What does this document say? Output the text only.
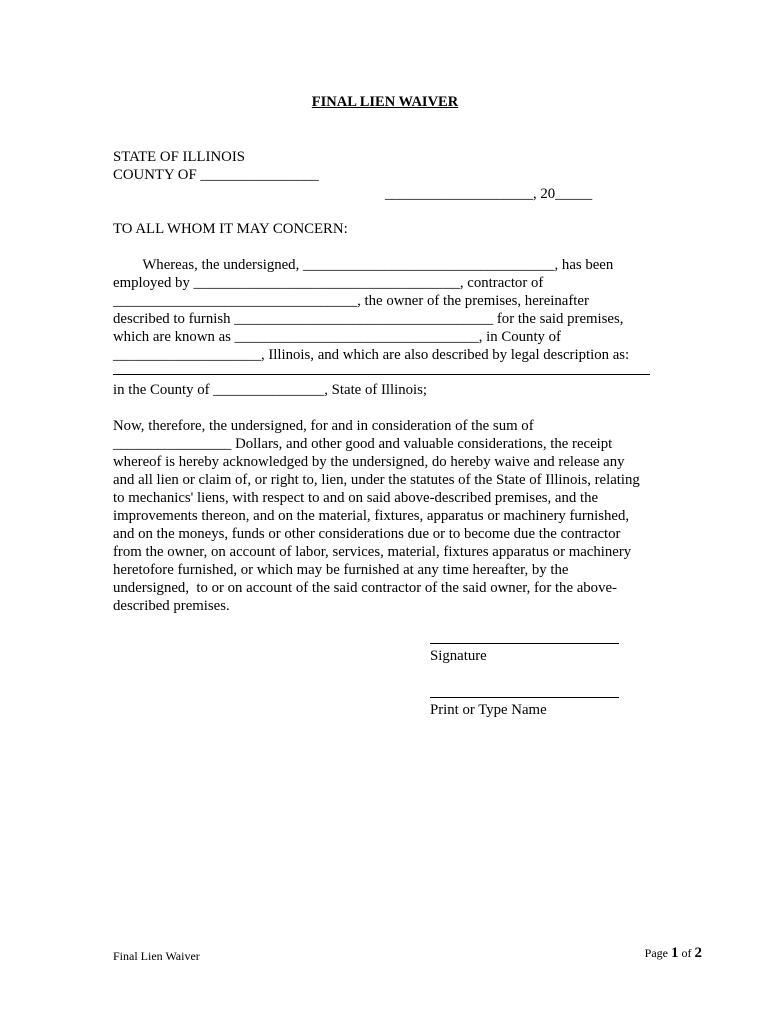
FINAL LIEN WAIVER
STATE OF ILLINOIS
COUNTY OF ________________
____________________, 20_____
TO ALL WHOM IT MAY CONCERN:
Whereas, the undersigned, __________________________________, has been
employed by ____________________________________, contractor of
_________________________________, the owner of the premises, hereinafter
described to furnish ___________________________________ for the said premises,
which are known as _________________________________, in County of
____________________, Illinois, and which are also described by legal description as:
in the County of _______________, State of Illinois;
Now, therefore, the undersigned, for and in consideration of the sum of
________________ Dollars, and other good and valuable considerations, the receipt
whereof is hereby acknowledged by the undersigned, do hereby waive and release any
and all lien or claim of, or right to, lien, under the statutes of the State of Illinois, relating
to mechanics' liens, with respect to and on said above-described premises, and the
improvements thereon, and on the material, fixtures, apparatus or machinery furnished,
and on the moneys, funds or other considerations due or to become due the contractor
from the owner, on account of labor, services, material, fixtures apparatus or machinery
heretofore furnished, or which may be furnished at any time hereafter, by the
undersigned,  to or on account of the said contractor of the said owner, for the above-
described premises.
Signature
Print or Type Name
Final Lien Waiver	Page 1 of 2
